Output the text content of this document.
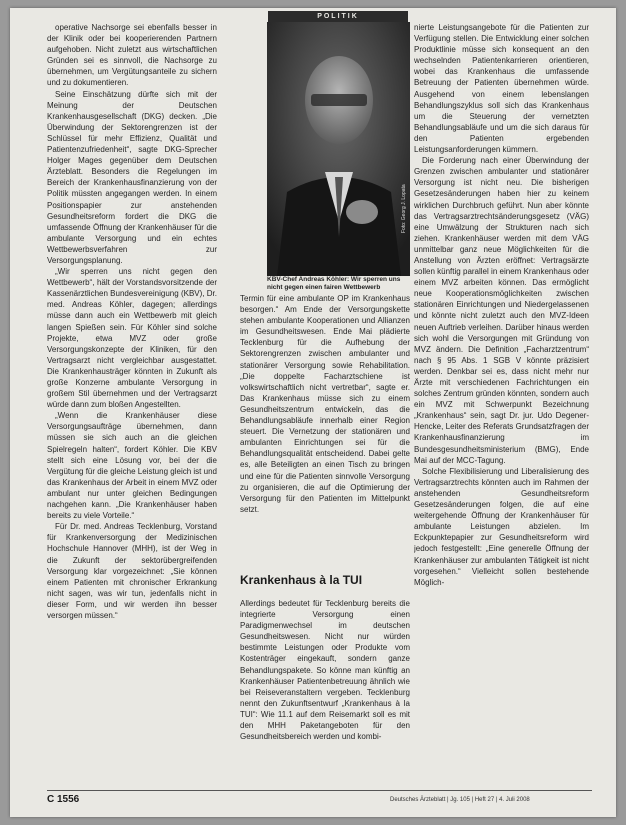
operative Nachsorge sei ebenfalls besser in der Klinik oder bei kooperierenden Partnern aufgehoben. Nicht zuletzt aus wirtschaftlichen Gründen sei es sinnvoll, die Nachsorge zu übernehmen, um Vergütungsanteile zu sichern und zu dokumentieren.

Seine Einschätzung dürfte sich mit der Meinung der Deutschen Krankenhausgesellschaft (DKG) decken. „Die Überwindung der Sektorengrenzen ist der Schlüssel für mehr Effizienz, Qualität und Patientenzufriedenheit“, sagte DKG-Sprecher Holger Mages gegenüber dem Deutschen Ärzteblatt. Besonders die Regelungen im Bereich der Krankenhausfinanzierung von der Politik müssten angegangen werden. In einem Positionspapier zur anstehenden Gesundheitsreform fordert die DKG die umfassende Öffnung der Krankenhäuser für die ambulante Versorgung und ein echtes Wettbewerbsverfahren zur Versorgungsplanung.

„Wir sperren uns nicht gegen den Wettbewerb“, hält der Vorstandsvorsitzende der Kassenärztlichen Bundesvereinigung (KBV), Dr. med. Andreas Köhler, dagegen; allerdings müsse dann auch ein Wettbewerb mit gleich langen Spießen sein. Für Köhler sind solche Projekte, etwa MVZ oder große Versorgungskonzepte der Kliniken, für den Vertragsarzt nicht vergleichbar ausgestattet. Die Krankenhausträger könnten in Zukunft als große Konzerne ambulante Versorgung in großem Stil übernehmen und der Vertragsarzt würde dann zum bloßen Angestellten.

„Wenn die Krankenhäuser diese Versorgungsaufträge übernehmen, dann müssen sie sich auch an die gleichen Spielregeln halten“, fordert Köhler. Die KBV stellt sich eine Lösung vor, bei der die Vergütung für die gleiche Leistung gleich ist und das Krankenhaus der Arbeit in einem MVZ oder ambulant nur unter gleichen Bedingungen nachgehen kann. „Die Krankenhäuser haben bereits zu viele Vorteile.“

Für Dr. med. Andreas Tecklenburg, Vorstand für Krankenversorgung der Medizinischen Hochschule Hannover (MHH), ist der Weg in die Zukunft der sektorübergreifenden Versorgung klar vorgezeichnet: „Sie können einem Patienten mit chronischer Erkrankung nicht sagen, was wir tun, jedenfalls nicht in dieser Form, und wir werden ihn besser versorgen müssen.“

POLITIK
Foto: Georg J. Lopata
KBV-Chef Andreas Köhler: Wir sperren uns nicht gegen einen fairen Wettbewerb

Termin für eine ambulante OP im Krankenhaus besorgen.“ Am Ende der Versorgungskette stehen ambulante Kooperationen und Allianzen im Gesundheitswesen. Ende Mai plädierte Tecklenburg für die Aufhebung der Sektorengrenzen zwischen ambulanter und stationärer Versorgung sowie Rehabilitation. „Die doppelte Facharztschiene ist volkswirtschaftlich nicht vertretbar“, sagte er. Das Krankenhaus müsse sich zu einem Gesundheitszentrum entwickeln, das die Behandlungsabläufe innerhalb einer Region steuert. Die Vernetzung der stationären und ambulanten Einrichtungen sei für die Behandlungsqualität entscheidend. Dabei gelte es, alle Beteiligten an einen Tisch zu bringen und eine für die Patienten sinnvolle Versorgung zu organisieren, die auf die Optimierung der Versorgung für den Patienten im Mittelpunkt setzt.

Krankenhaus à la TUI

Allerdings bedeutet für Tecklenburg bereits die integrierte Versorgung einen Paradigmenwechsel im deutschen Gesundheitswesen. Nicht nur würden bestimmte Leistungen oder Produkte vom Kostenträger eingekauft, sondern ganze Behandlungspakete. So könne man künftig an Krankenhäuser Patientenbetreuung ähnlich wie bei Reiseveranstaltern vergeben. Tecklenburg nennt den Zukunftsentwurf „Krankenhaus à la TUI“: Wie 11.1 auf dem Reisemarkt soll es mit den MHH Paketangeboten für den Gesundheitsbereich werden und kombi-

nierte Leistungsangebote für die Patienten zur Verfügung stellen. Die Entwicklung einer solchen Produktlinie müsse sich konsequent an den wechselnden Patientenkarrieren orientieren, wobei das Krankenhaus die umfassende Betreuung der Patienten übernehmen würde. Ausgehend von einem lebenslangen Behandlungszyklus soll sich das Krankenhaus um die Steuerung der vernetzten Behandlungsabläufe und um die sich daraus für den Patienten ergebenden Leistungsanforderungen kümmern.

Die Forderung nach einer Überwindung der Grenzen zwischen ambulanter und stationärer Versorgung ist nicht neu. Die bisherigen Gesetzesänderungen haben hier zu keinem wirklichen Durchbruch geführt. Nun aber könnte das Vertragsarztrechtsänderungsgesetz (VÄG) eine Umwälzung der Strukturen nach sich ziehen. Krankenhäuser werden mit dem VÄG unmittelbar ganz neue Möglichkeiten für die Anstellung von Ärzten eröffnet: Vertragsärzte sollen künftig parallel in einem Krankenhaus oder einem MVZ arbeiten können. Das ermöglicht neue Kooperationsmöglichkeiten zwischen stationären Einrichtungen und Niedergelassenen und könnte nicht zuletzt auch den MVZ-Ideen neuen Auftrieb verleihen. Darüber hinaus werden sich wohl die Versorgungen mit Gründung von MVZ ändern. Die Definition „Facharztzentrum“ nach § 95 Abs. 1 SGB V könnte präzisiert werden. Denkbar sei es, dass nicht mehr nur Ärzte mit verschiedenen Fachrichtungen ein solches Zentrum gründen könnten, sondern auch ein MVZ mit Schwerpunkt Bezeichnung „Krankenhaus“ sein, sagt Dr. jur. Udo Degener-Hencke, Leiter des Referats Grundsatzfragen der Krankenhausfinanzierung im Bundesgesundheitsministerium (BMG), Ende Mai auf der MCC-Tagung.

Solche Flexibilisierung und Liberalisierung des Vertragsarztrechts könnten auch im Rahmen der anstehenden Gesundheitsreform Gesetzesänderungen folgen, die auf eine weitergehende Öffnung der Krankenhäuser für ambulante Leistungen abzielen. Im Eckpunktepapier zur Gesundheitsreform wird jedoch festgestellt: „Eine generelle Öffnung der Krankenhäuser zur ambulanten Tätigkeit ist nicht vorgesehen.“ Vielleicht sollen bestehende Möglich-

C 1556	Deutsches Ärzteblatt | Jg. 105 | Heft 27 | 4. Juli 2008
